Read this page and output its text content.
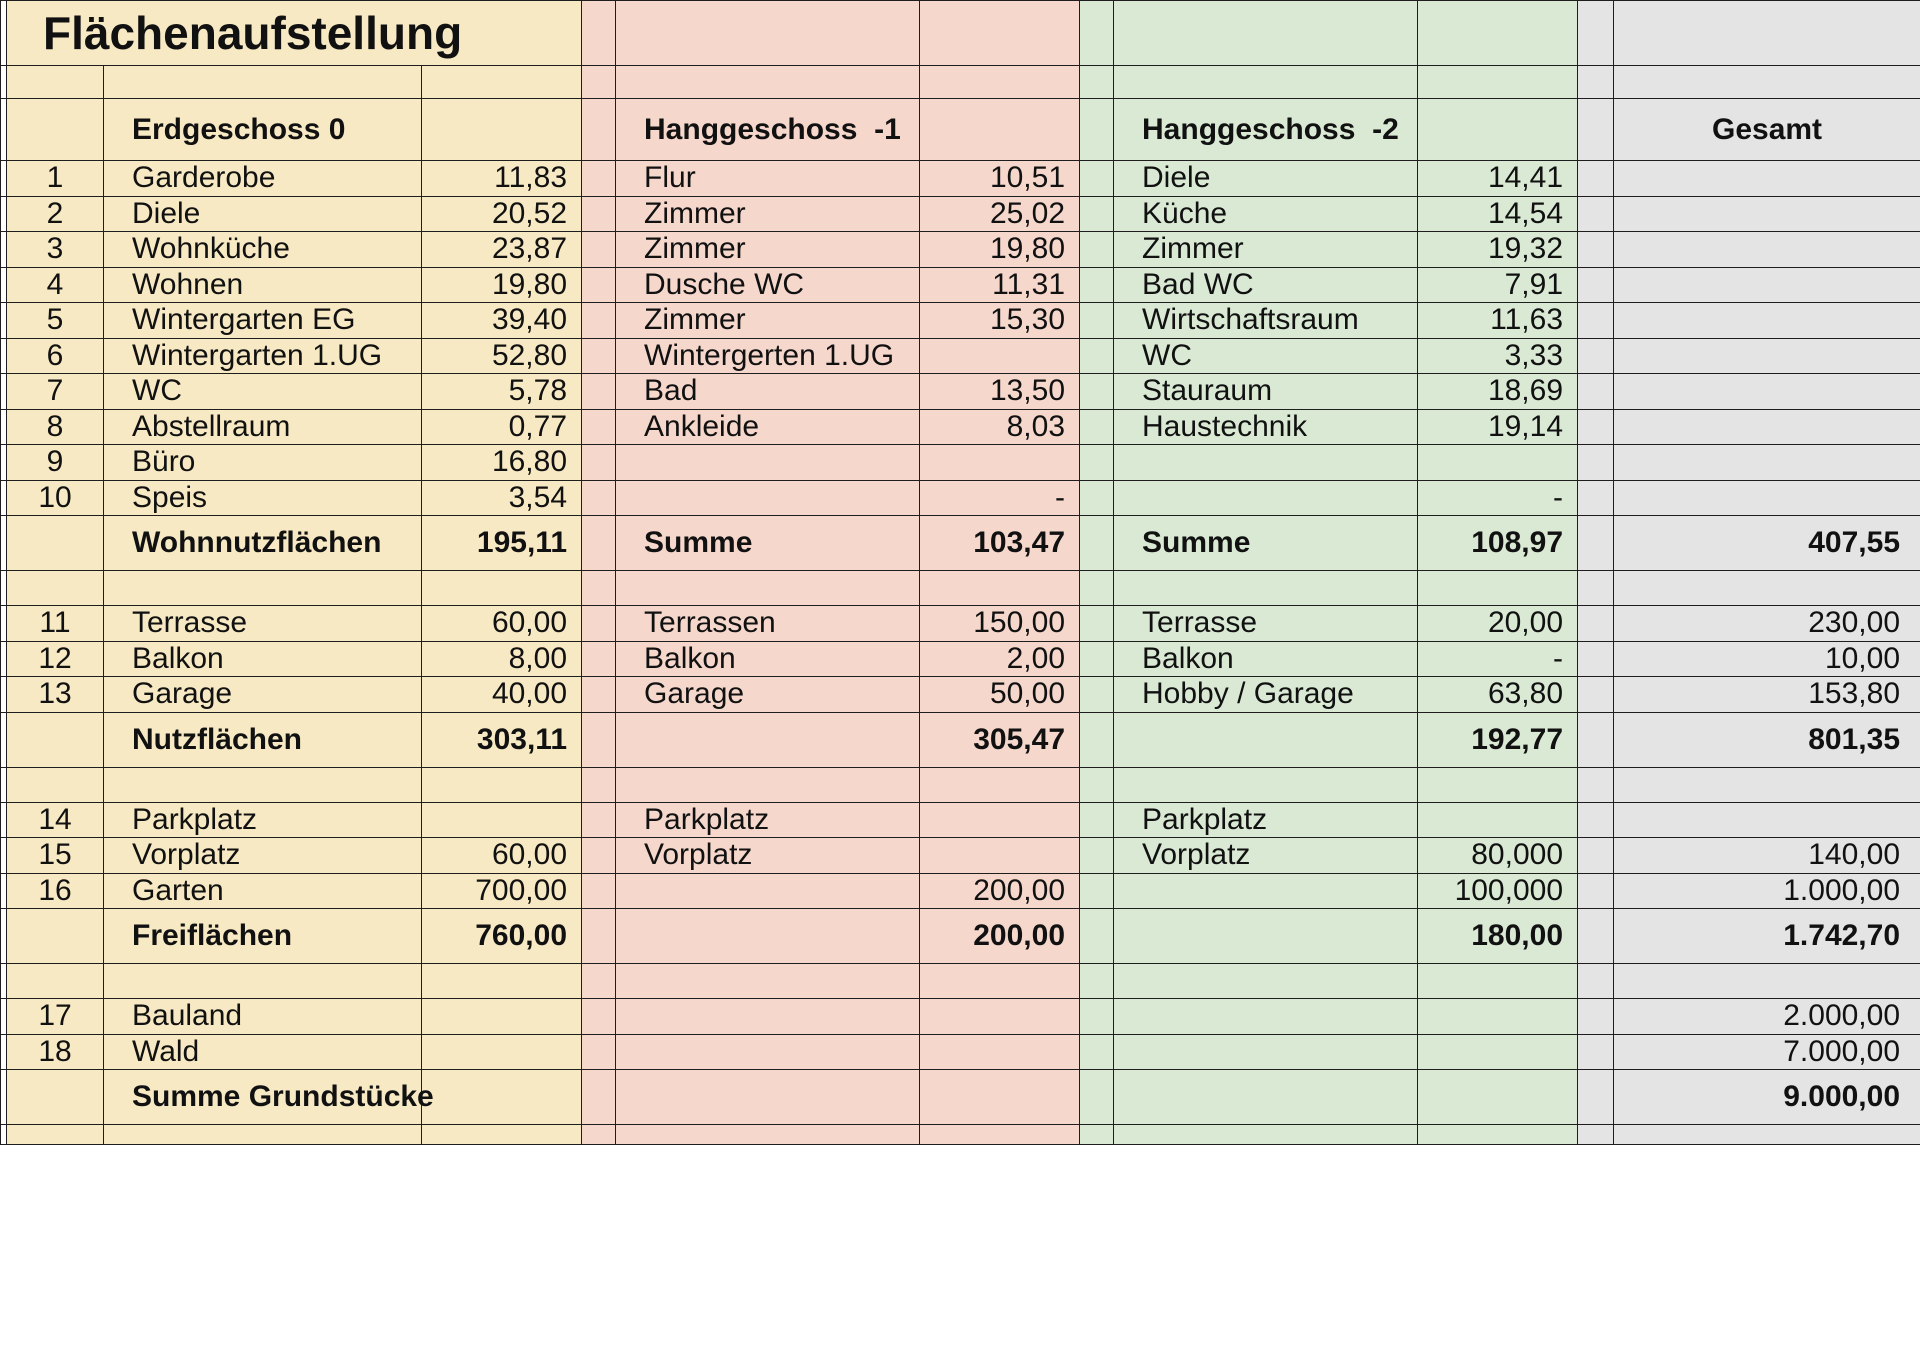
	Flächenaufstellung										

		Erdgeschoss 0			Hanggeschoss  -1			Hanggeschoss  -2			Gesamt
	1	Garderobe	11,83		Flur	10,51		Diele	14,41		
	2	Diele	20,52		Zimmer	25,02		Küche	14,54		
	3	Wohnküche	23,87		Zimmer	19,80		Zimmer	19,32		
	4	Wohnen	19,80		Dusche WC	11,31		Bad WC	7,91		
	5	Wintergarten EG	39,40		Zimmer	15,30		Wirtschaftsraum	11,63		
	6	Wintergarten 1.UG	52,80		Wintergerten 1.UG			WC	3,33		
	7	WC	5,78		Bad	13,50		Stauraum	18,69		
	8	Abstellraum	0,77		Ankleide	8,03		Haustechnik	19,14		
	9	Büro	16,80								
	10	Speis	3,54			-			-		
		Wohnnutzflächen	195,11		Summe	103,47		Summe	108,97		407,55

	11	Terrasse	60,00		Terrassen	150,00		Terrasse	20,00		230,00
	12	Balkon	8,00		Balkon	2,00		Balkon	-		10,00
	13	Garage	40,00		Garage	50,00		Hobby / Garage	63,80		153,80
		Nutzflächen	303,11			305,47			192,77		801,35

	14	Parkplatz			Parkplatz			Parkplatz			
	15	Vorplatz	60,00		Vorplatz			Vorplatz	80,000		140,00
	16	Garten	700,00			200,00			100,000		1.000,00
		Freiflächen	760,00			200,00			180,00		1.742,70

	17	Bauland									2.000,00
	18	Wald									7.000,00
		Summe Grundstücke									9.000,00
